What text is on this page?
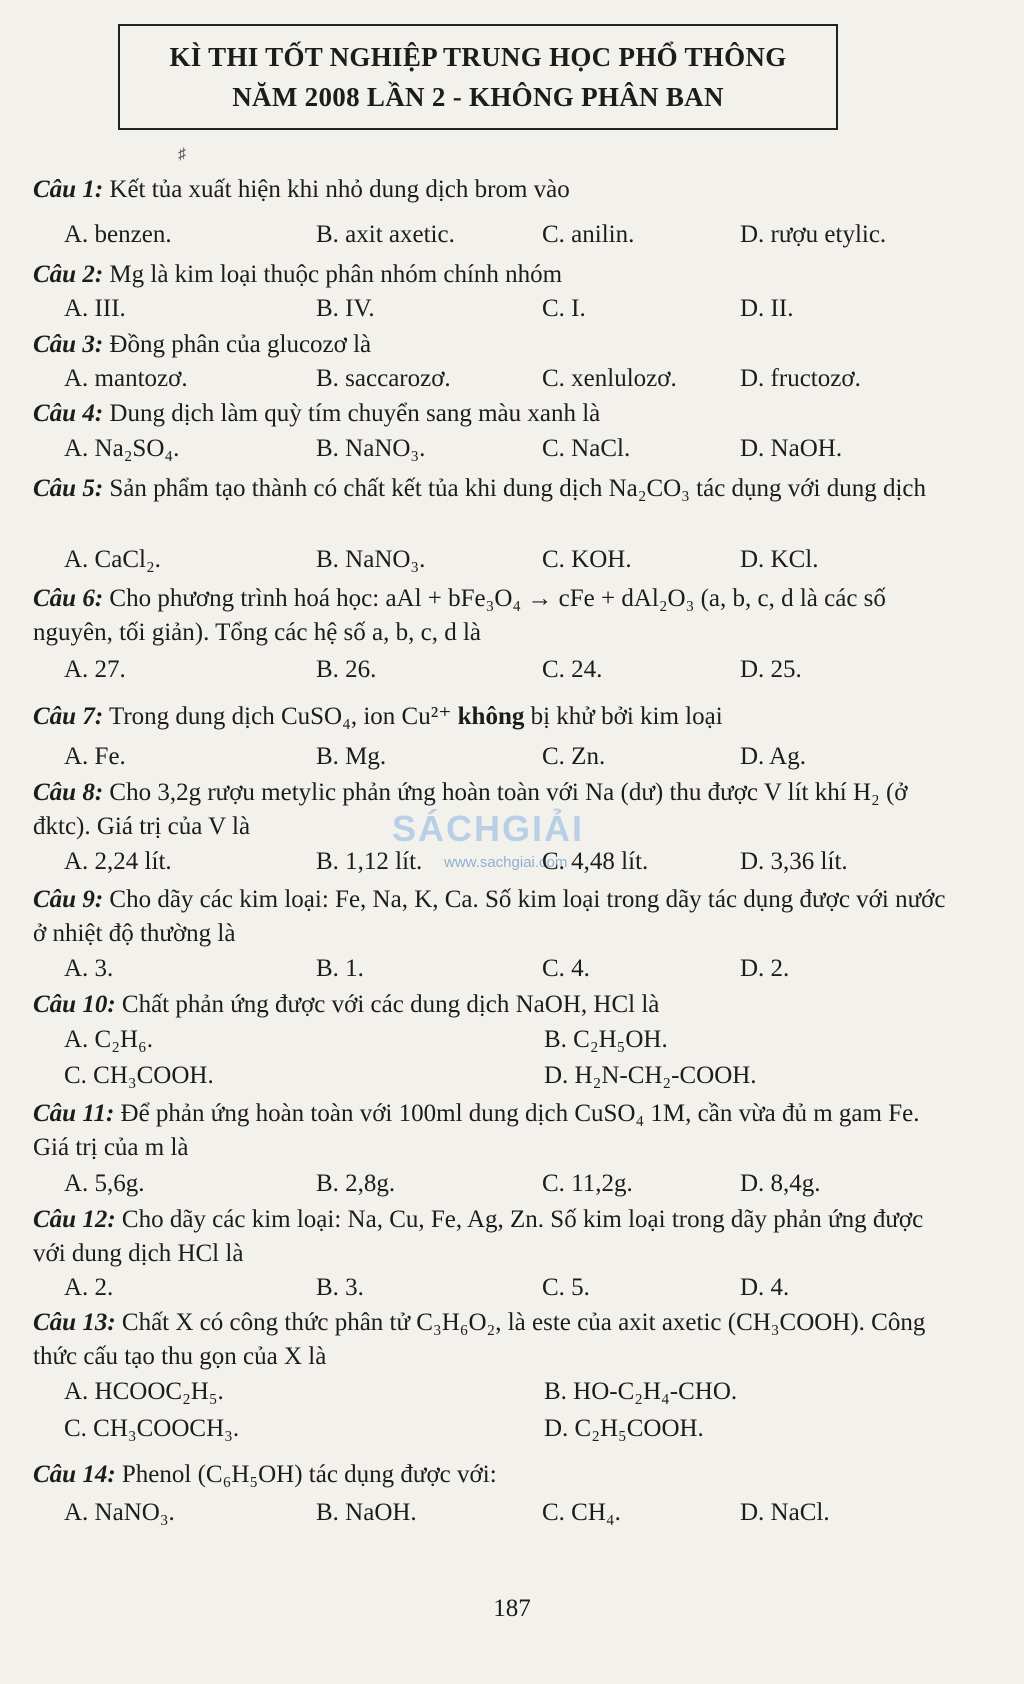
KÌ THI TỐT NGHIỆP TRUNG HỌC PHỔ THÔNG
NĂM 2008 LẦN 2 - KHÔNG PHÂN BAN
♯
SÁCHGIẢI
www.sachgiai.com
Câu 1: Kết tủa xuất hiện khi nhỏ dung dịch brom vào
A. benzen.	B. axit axetic.	C. anilin.	D. rượu etylic.
Câu 2: Mg là kim loại thuộc phân nhóm chính nhóm
A. III.	B. IV.	C. I.	D. II.
Câu 3: Đồng phân của glucozơ là
A. mantozơ.	B. saccarozơ.	C. xenlulozơ.	D. fructozơ.
Câu 4: Dung dịch làm quỳ tím chuyển sang màu xanh là
A. Na₂SO₄.	B. NaNO₃.	C. NaCl.	D. NaOH.
Câu 5: Sản phẩm tạo thành có chất kết tủa khi dung dịch Na₂CO₃ tác dụng với dung dịch
A. CaCl₂.	B. NaNO₃.	C. KOH.	D. KCl.
Câu 6: Cho phương trình hoá học: aAl + bFe₃O₄ → cFe + dAl₂O₃ (a, b, c, d là các số nguyên, tối giản). Tổng các hệ số a, b, c, d là
A. 27.	B. 26.	C. 24.	D. 25.
Câu 7: Trong dung dịch CuSO₄, ion Cu²⁺ không bị khử bởi kim loại
A. Fe.	B. Mg.	C. Zn.	D. Ag.
Câu 8: Cho 3,2g rượu metylic phản ứng hoàn toàn với Na (dư) thu được V lít khí H₂ (ở đktc). Giá trị của V là
A. 2,24 lít.	B. 1,12 lít.	C. 4,48 lít.	D. 3,36 lít.
Câu 9: Cho dãy các kim loại: Fe, Na, K, Ca. Số kim loại trong dãy tác dụng được với nước ở nhiệt độ thường là
A. 3.	B. 1.	C. 4.	D. 2.
Câu 10: Chất phản ứng được với các dung dịch NaOH, HCl là
A. C₂H₆.	B. C₂H₅OH.
C. CH₃COOH.	D. H₂N-CH₂-COOH.
Câu 11: Để phản ứng hoàn toàn với 100ml dung dịch CuSO₄ 1M, cần vừa đủ m gam Fe. Giá trị của m là
A. 5,6g.	B. 2,8g.	C. 11,2g.	D. 8,4g.
Câu 12: Cho dãy các kim loại: Na, Cu, Fe, Ag, Zn. Số kim loại trong dãy phản ứng được với dung dịch HCl là
A. 2.	B. 3.	C. 5.	D. 4.
Câu 13: Chất X có công thức phân tử C₃H₆O₂, là este của axit axetic (CH₃COOH). Công thức cấu tạo thu gọn của X là
A. HCOOC₂H₅.	B. HO-C₂H₄-CHO.
C. CH₃COOCH₃.	D. C₂H₅COOH.
Câu 14: Phenol (C₆H₅OH) tác dụng được với:
A. NaNO₃.	B. NaOH.	C. CH₄.	D. NaCl.
187
